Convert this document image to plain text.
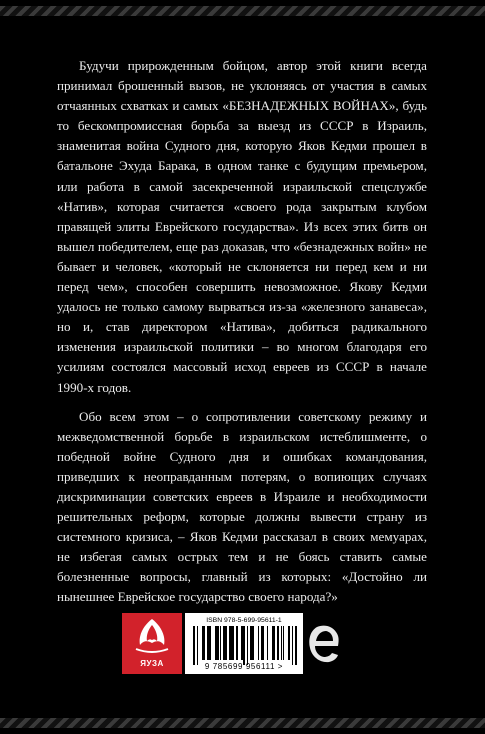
Будучи прирожденным бойцом, автор этой книги всегда принимал брошенный вызов, не уклоняясь от участия в самых отчаянных схватках и самых «БЕЗНАДЕЖНЫХ ВОЙНАХ», будь то бескомпромиссная борьба за выезд из СССР в Израиль, знаменитая война Судного дня, которую Яков Кедми прошел в батальоне Эхуда Барака, в одном танке с будущим премьером, или работа в самой засекреченной израильской спецслужбе «Натив», которая считается «своего рода закрытым клубом правящей элиты Еврейского государства». Из всех этих битв он вышел победителем, еще раз доказав, что «безнадежных войн» не бывает и человек, «который не склоняется ни перед кем и ни перед чем», способен совершить невозможное. Якову Кедми удалось не только самому вырваться из-за «железного занавеса», но и, став директором «Натива», добиться радикального изменения израильской политики – во многом благодаря его усилиям состоялся массовый исход евреев из СССР в начале 1990-х годов.

Обо всем этом – о сопротивлении советскому режиму и межведомственной борьбе в израильском истеблишменте, о победной войне Судного дня и ошибках командования, приведших к неоправданным потерям, о вопиющих случаях дискриминации советских евреев в Израиле и необходимости решительных реформ, которые должны вывести страну из системного кризиса, – Яков Кедми рассказал в своих мемуарах, не избегая самых острых тем и не боясь ставить самые болезненные вопросы, главный из которых: «Достойно ли нынешнее Еврейское государство своего народа?»

ЯУЗА
ISBN 978-5-699-95611-1
9 785699 956111 >
